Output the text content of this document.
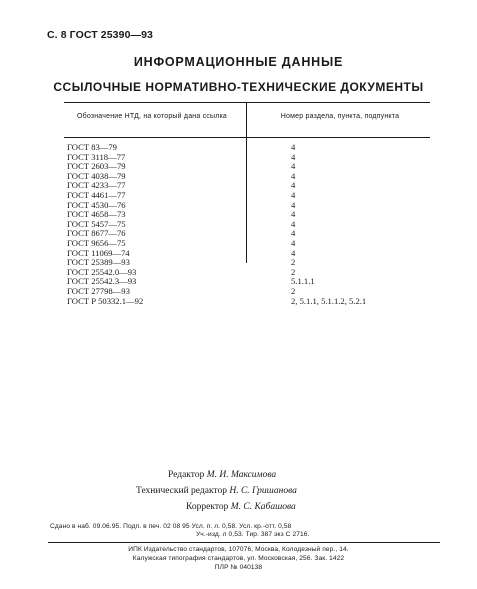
С. 8 ГОСТ 25390—93
ИНФОРМАЦИОННЫЕ ДАННЫЕ
ССЫЛОЧНЫЕ НОРМАТИВНО-ТЕХНИЧЕСКИЕ ДОКУМЕНТЫ
Обозначение НТД, на который дана ссылка	Номер раздела, пункта, подпункта
ГОСТ 83—79	4
ГОСТ 3118—77	4
ГОСТ 2603—79	4
ГОСТ 4038—79	4
ГОСТ 4233—77	4
ГОСТ 4461—77	4
ГОСТ 4530—76	4
ГОСТ 4658—73	4
ГОСТ 5457—75	4
ГОСТ 8677—76	4
ГОСТ 9656—75	4
ГОСТ 11069—74	4
ГОСТ 25389—93	2
ГОСТ 25542.0—93	2
ГОСТ 25542.3—93	5.1.1.1
ГОСТ 27798—93	2
ГОСТ Р 50332.1—92	2, 5.1.1, 5.1.1.2, 5.2.1
Редактор М. И. Максимова
Технический редактор Н. С. Гришанова
Корректор М. С. Кабашова
Сдано в наб. 09.06.95. Подп. в печ. 02 08 95 Усл. п. л. 0,58. Усл. кр.-отт. 0,58
Уч.-изд. л 0,53. Тир. 387 экз С 2716.
ИПК Издательство стандартов, 107076, Москва, Колодезный пер., 14.
Калужская типография стандартов, ул. Московская, 256. Зак. 1422
ПЛР № 040138
